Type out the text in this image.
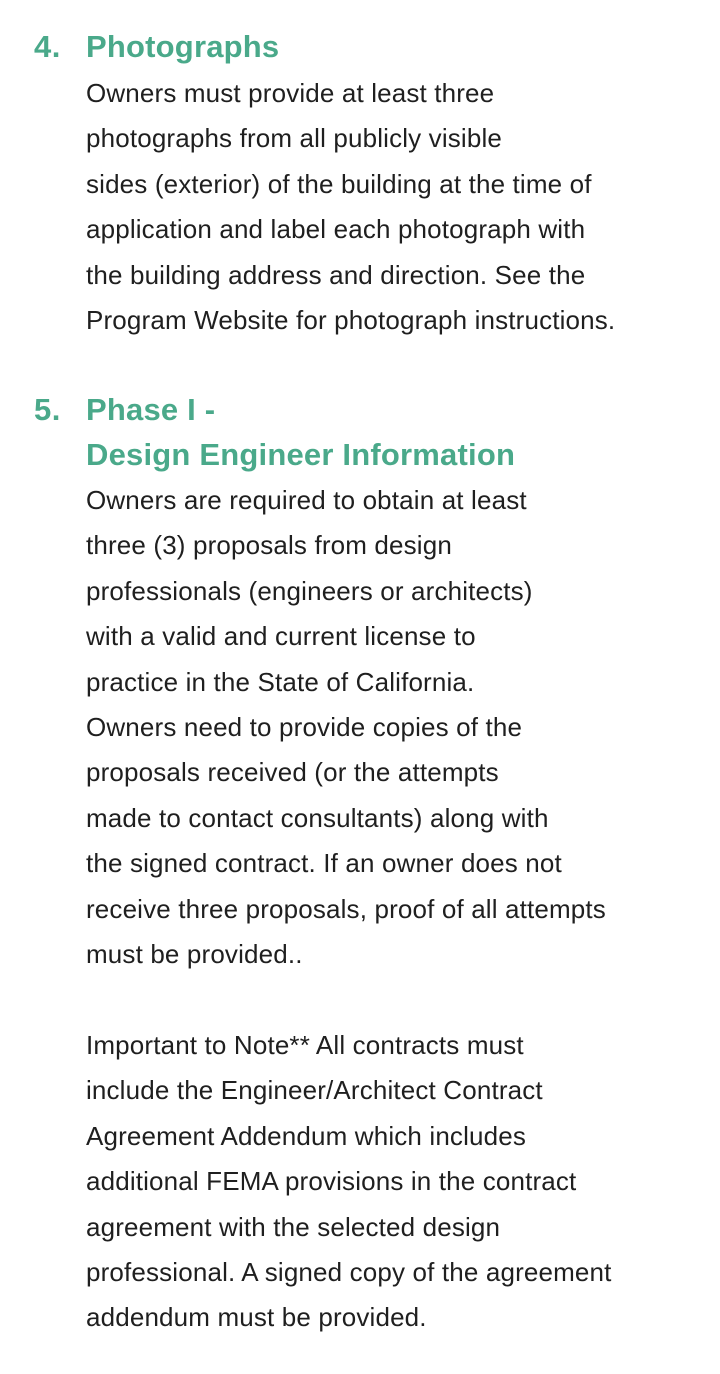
4. Photographs
Owners must provide at least three
photographs from all publicly visible
sides (exterior) of the building at the time of
application and label each photograph with
the building address and direction. See the
Program Website for photograph instructions.
5. Phase I -
Design Engineer Information
Owners are required to obtain at least
three (3) proposals from design
professionals (engineers or architects)
with a valid and current license to
practice in the State of California.
Owners need to provide copies of the
proposals received (or the attempts
made to contact consultants) along with
the signed contract. If an owner does not
receive three proposals, proof of all attempts
must be provided..
Important to Note** All contracts must
include the Engineer/Architect Contract
Agreement Addendum which includes
additional FEMA provisions in the contract
agreement with the selected design
professional. A signed copy of the agreement
addendum must be provided.
